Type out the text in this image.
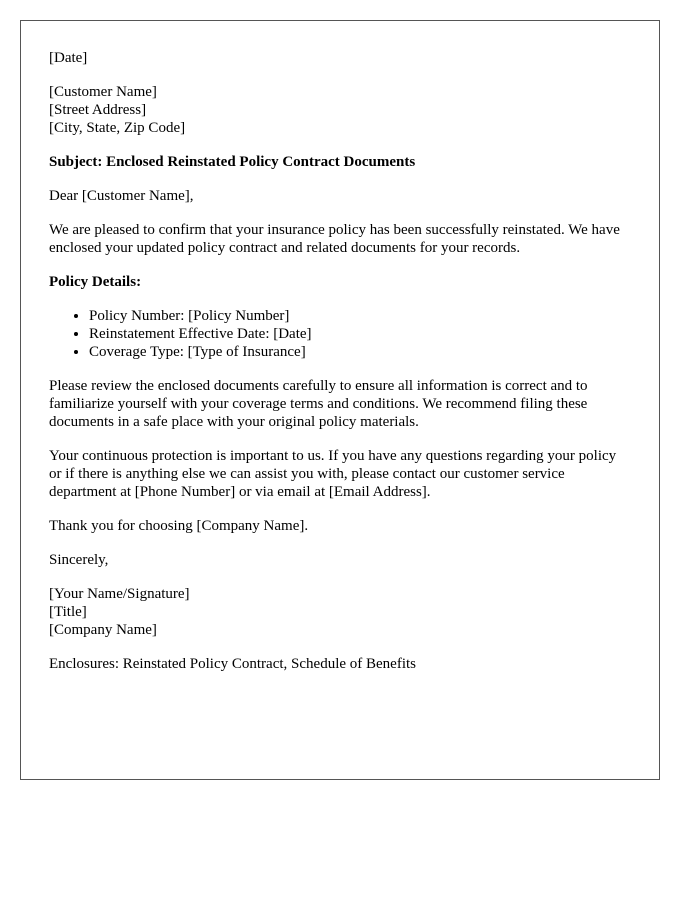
[Date]
[Customer Name]
[Street Address]
[City, State, Zip Code]
Subject: Enclosed Reinstated Policy Contract Documents
Dear [Customer Name],
We are pleased to confirm that your insurance policy has been successfully reinstated. We have enclosed your updated policy contract and related documents for your records.
Policy Details:
• Policy Number: [Policy Number]
• Reinstatement Effective Date: [Date]
• Coverage Type: [Type of Insurance]
Please review the enclosed documents carefully to ensure all information is correct and to familiarize yourself with your coverage terms and conditions. We recommend filing these documents in a safe place with your original policy materials.
Your continuous protection is important to us. If you have any questions regarding your policy or if there is anything else we can assist you with, please contact our customer service department at [Phone Number] or via email at [Email Address].
Thank you for choosing [Company Name].
Sincerely,
[Your Name/Signature]
[Title]
[Company Name]
Enclosures: Reinstated Policy Contract, Schedule of Benefits
